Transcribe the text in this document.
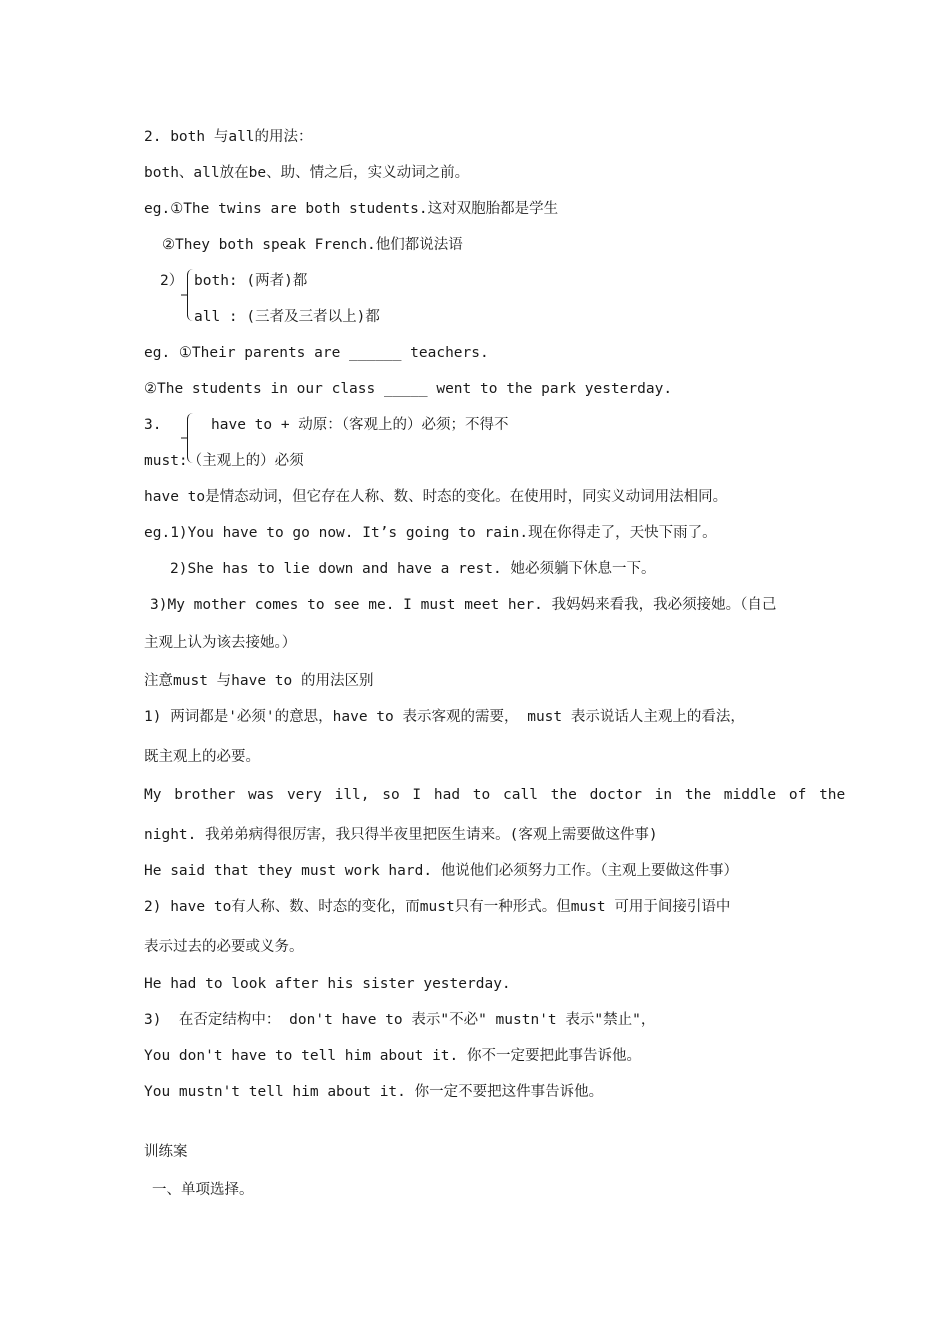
2. both 与all的用法：
both、all放在be、助、情之后，实义动词之前。
eg.①The twins are both students.这对双胞胎都是学生
②They both speak French.他们都说法语
2） both: (两者)都
all : (三者及三者以上)都
eg. ①Their parents are ______ teachers.
②The students in our class _____ went to the park yesterday.
3.	have to + 动原：（客观上的）必须；不得不
must:（主观上的）必须
have to是情态动词，但它存在人称、数、时态的变化。在使用时，同实义动词用法相同。
eg.1)You have to go now. It’s going to rain.现在你得走了，天快下雨了。
2)She has to lie down and have a rest. 她必须躺下休息一下。
3)My mother comes to see me. I must meet her. 我妈妈来看我，我必须接她。（自己
主观上认为该去接她。）
注意must 与have to 的用法区别
1) 两词都是'必须'的意思，have to 表示客观的需要， must 表示说话人主观上的看法，
既主观上的必要。
My brother was very ill, so I had to call the doctor in the middle of the
night. 我弟弟病得很厉害，我只得半夜里把医生请来。(客观上需要做这件事)
He said that they must work hard. 他说他们必须努力工作。（主观上要做这件事）
2) have to有人称、数、时态的变化，而must只有一种形式。但must 可用于间接引语中
表示过去的必要或义务。
He had to look after his sister yesterday.
3)  在否定结构中： don't have to 表示"不必" mustn't 表示"禁止"，
You don't have to tell him about it. 你不一定要把此事告诉他。
You mustn't tell him about it. 你一定不要把这件事告诉他。
训练案
一、单项选择。
